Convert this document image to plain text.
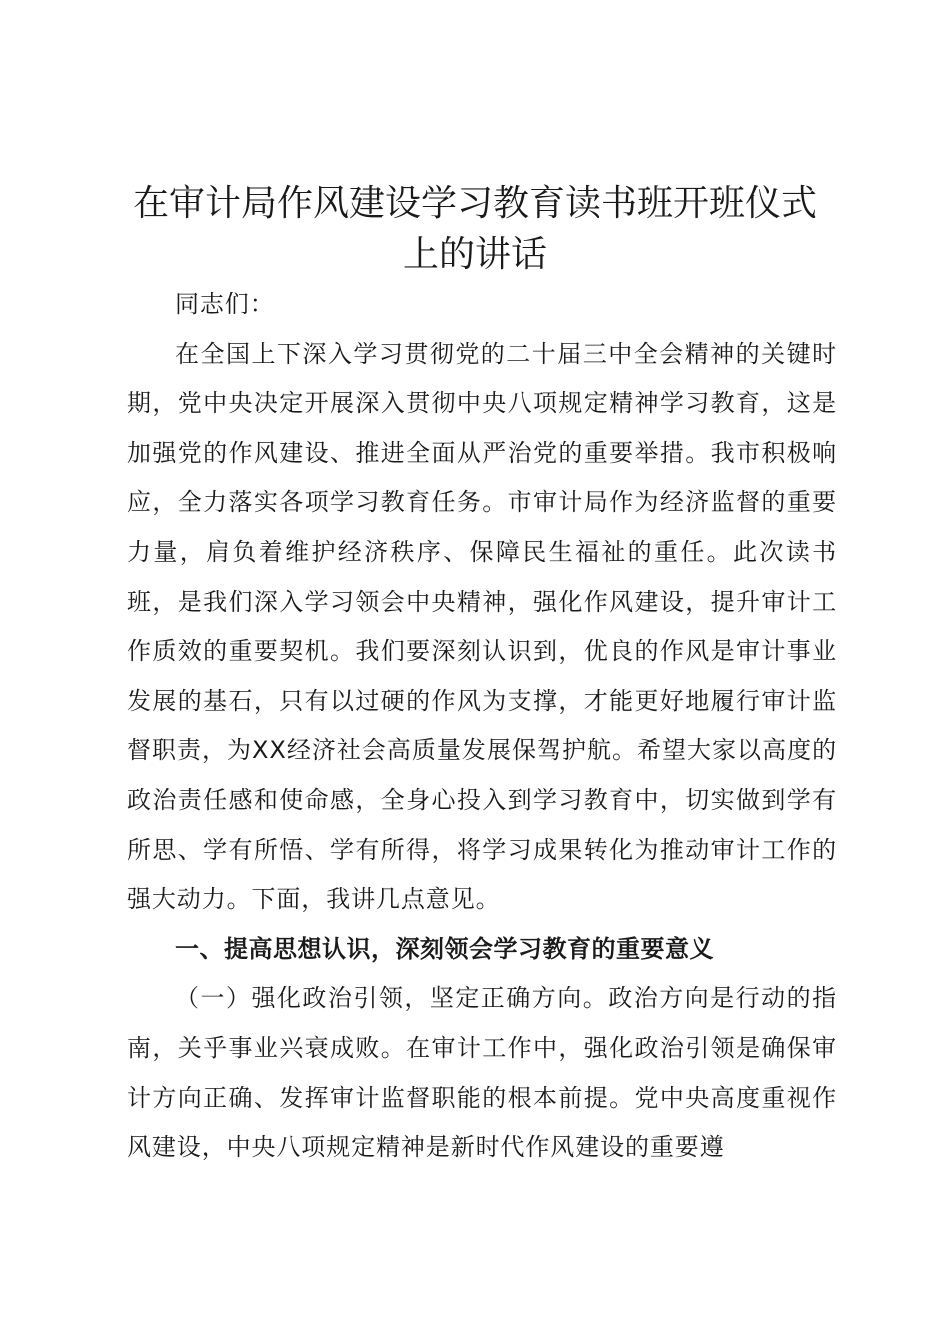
在审计局作风建设学习教育读书班开班仪式上的讲话

同志们：

在全国上下深入学习贯彻党的二十届三中全会精神的关键时期，党中央决定开展深入贯彻中央八项规定精神学习教育，这是加强党的作风建设、推进全面从严治党的重要举措。我市积极响应，全力落实各项学习教育任务。市审计局作为经济监督的重要力量，肩负着维护经济秩序、保障民生福祉的重任。此次读书班，是我们深入学习领会中央精神，强化作风建设，提升审计工作质效的重要契机。我们要深刻认识到，优良的作风是审计事业发展的基石，只有以过硬的作风为支撑，才能更好地履行审计监督职责，为XX经济社会高质量发展保驾护航。希望大家以高度的政治责任感和使命感，全身心投入到学习教育中，切实做到学有所思、学有所悟、学有所得，将学习成果转化为推动审计工作的强大动力。下面，我讲几点意见。

一、提高思想认识，深刻领会学习教育的重要意义

（一）强化政治引领，坚定正确方向。政治方向是行动的指南，关乎事业兴衰成败。在审计工作中，强化政治引领是确保审计方向正确、发挥审计监督职能的根本前提。党中央高度重视作风建设，中央八项规定精神是新时代作风建设的重要遵
